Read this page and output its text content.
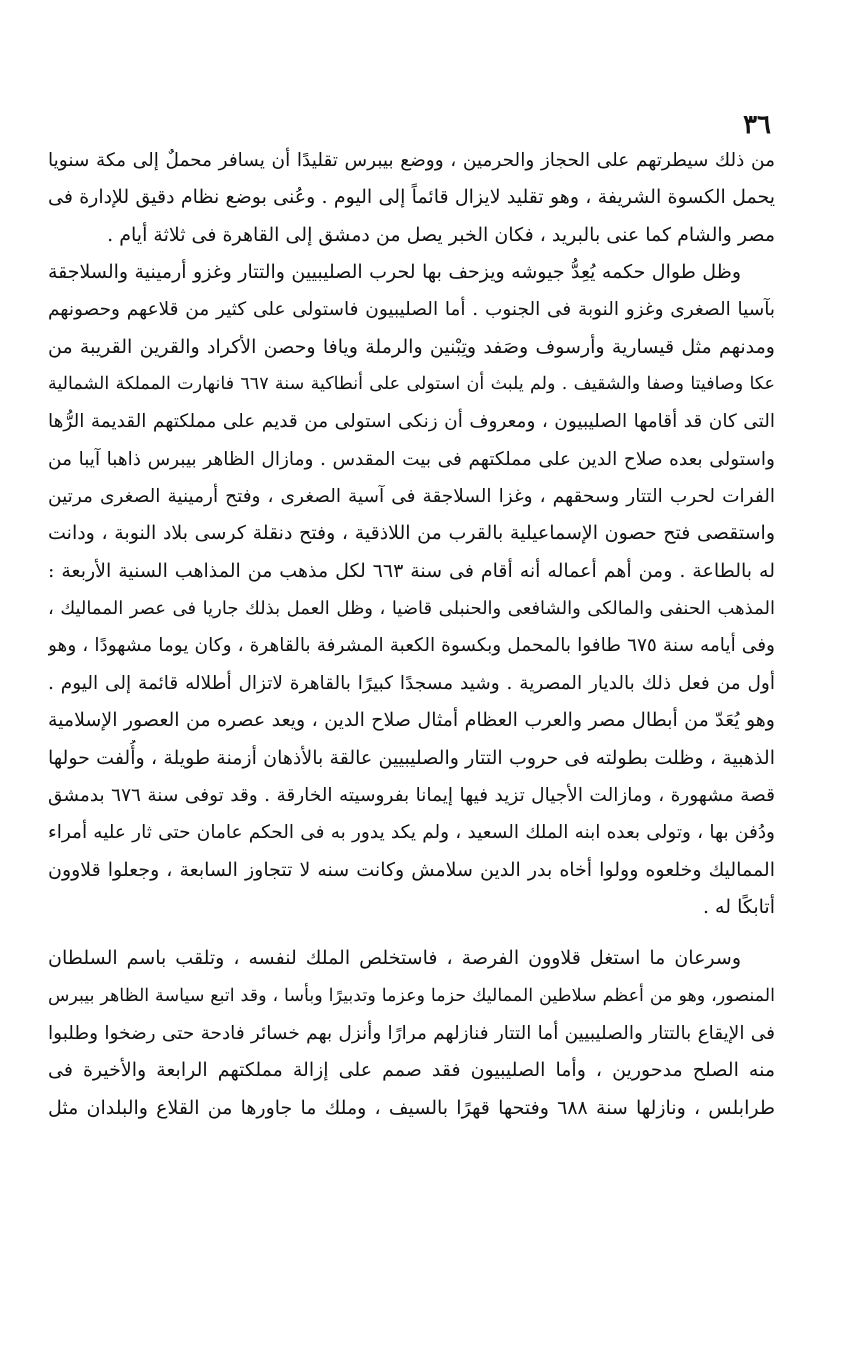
٣٦
من ذلك سيطرتهم على الحجاز والحرمين ، ووضع بيبرس تقليدًا أن يسافر محملٌ إلى مكة سنويا
يحمل الكسوة الشريفة ، وهو تقليد لايزال قائماً إلى اليوم . وعُنى بوضع نظام دقيق للإدارة فى
مصر والشام كما عنى بالبريد ، فكان الخبر يصل من دمشق إلى القاهرة فى ثلاثة أيام .
وظل طوال حكمه يُعِدُّ جيوشه ويزحف بها لحرب الصليبيين والتتار وغزو أرمينية والسلاجقة
بآسيا الصغرى وغزو النوبة فى الجنوب . أما الصليبيون فاستولى على كثير من قلاعهم وحصونهم
ومدنهم مثل قيسارية وأرسوف وصَفد وتِبْنين والرملة ويافا وحصن الأكراد والقرين القريبة من
عكا وصافيتا وصفا والشقيف . ولم يلبث أن استولى على أنطاكية سنة ٦٦٧ فانهارت المملكة الشمالية
التى كان قد أقامها الصليبيون ، ومعروف أن زنكى استولى من قديم على مملكتهم القديمة الرُّها
واستولى بعده صلاح الدين على مملكتهم فى بيت المقدس . ومازال الظاهر بيبرس ذاهبا آيبا من
الفرات لحرب التتار وسحقهم ، وغزا السلاجقة فى آسية الصغرى ، وفتح أرمينية الصغرى مرتين
واستقصى فتح حصون الإسماعيلية بالقرب من اللاذقية ، وفتح دنقلة كرسى بلاد النوبة ، ودانت
له بالطاعة . ومن أهم أعماله أنه أقام فى سنة ٦٦٣ لكل مذهب من المذاهب السنية الأربعة :
المذهب الحنفى والمالكى والشافعى والحنبلى قاضيا ، وظل العمل بذلك جاريا فى عصر المماليك ،
وفى أيامه سنة ٦٧٥ طافوا بالمحمل وبكسوة الكعبة المشرفة بالقاهرة ، وكان يوما مشهودًا ، وهو
أول من فعل ذلك بالديار المصرية . وشيد مسجدًا كبيرًا بالقاهرة لاتزال أطلاله قائمة إلى اليوم .
وهو يُعَدّ من أبطال مصر والعرب العظام أمثال صلاح الدين ، ويعد عصره من العصور الإسلامية
الذهبية ، وظلت بطولته فى حروب التتار والصليبيين عالقة بالأذهان أزمنة طويلة ، وأُلفت حولها
قصة مشهورة ، ومازالت الأجيال تزيد فيها إيمانا بفروسيته الخارقة . وقد توفى سنة ٦٧٦ بدمشق
ودُفن بها ، وتولى بعده ابنه الملك السعيد ، ولم يكد يدور به فى الحكم عامان حتى ثار عليه أمراء
المماليك وخلعوه وولوا أخاه بدر الدين سلامش وكانت سنه لا تتجاوز السابعة ، وجعلوا قلاوون
أتابكًا له .
وسرعان ما استغل قلاوون الفرصة ، فاستخلص الملك لنفسه ، وتلقب باسم السلطان
المنصور، وهو من أعظم سلاطين المماليك حزما وعزما وتدبيرًا وبأسا ، وقد اتبع سياسة الظاهر بيبرس
فى الإيقاع بالتتار والصليبيين أما التتار فنازلهم مرارًا وأنزل بهم خسائر فادحة حتى رضخوا وطلبوا
منه الصلح مدحورين ، وأما الصليبيون فقد صمم على إزالة مملكتهم الرابعة والأخيرة فى
طرابلس ، ونازلها سنة ٦٨٨ وفتحها قهرًا بالسيف ، وملك ما جاورها من القلاع والبلدان مثل
